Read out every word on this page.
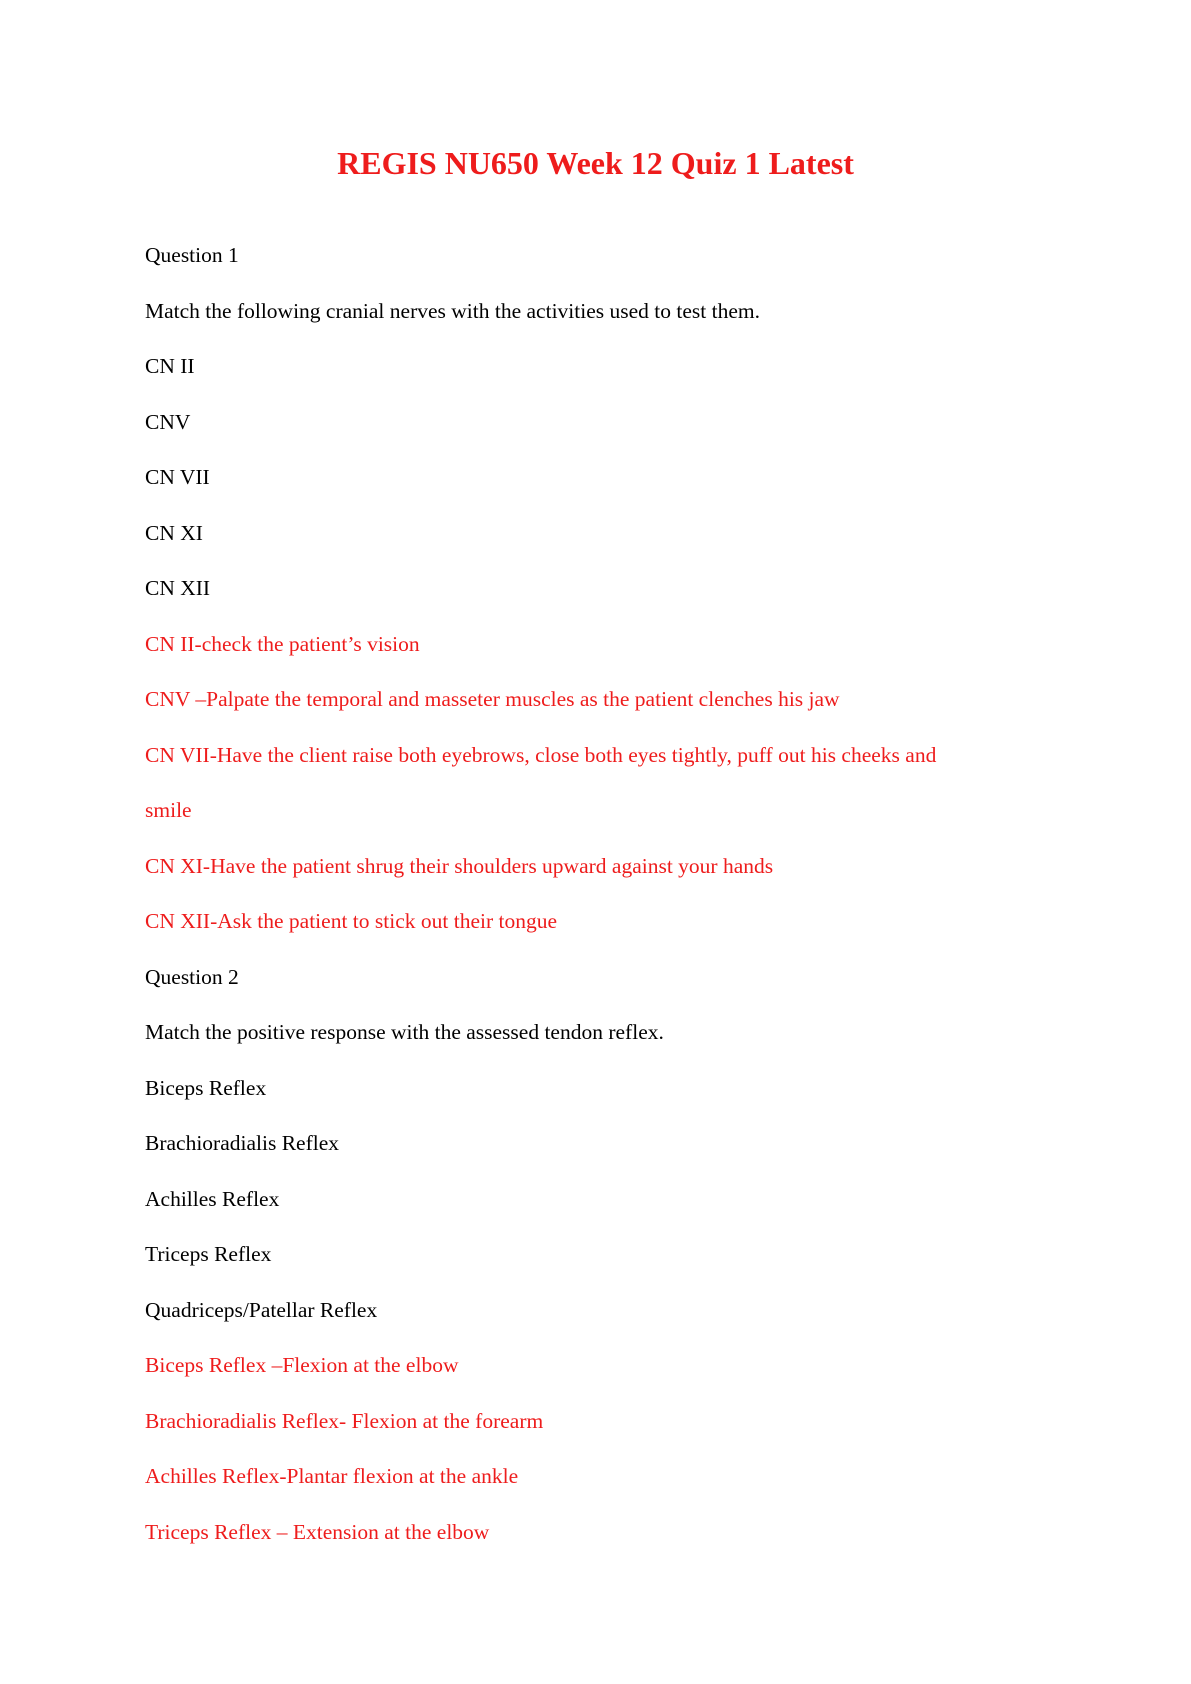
REGIS NU650 Week 12 Quiz 1 Latest

Question 1

Match the following cranial nerves with the activities used to test them.

CN II

CNV

CN VII

CN XI

CN XII

CN II-check the patient’s vision

CNV –Palpate the temporal and masseter muscles as the patient clenches his jaw

CN VII-Have the client raise both eyebrows, close both eyes tightly, puff out his cheeks and

smile

CN XI-Have the patient shrug their shoulders upward against your hands

CN XII-Ask the patient to stick out their tongue

Question 2

Match the positive response with the assessed tendon reflex.

Biceps Reflex

Brachioradialis Reflex

Achilles Reflex

Triceps Reflex

Quadriceps/Patellar Reflex

Biceps Reflex –Flexion at the elbow

Brachioradialis Reflex- Flexion at the forearm

Achilles Reflex-Plantar flexion at the ankle

Triceps Reflex – Extension at the elbow
